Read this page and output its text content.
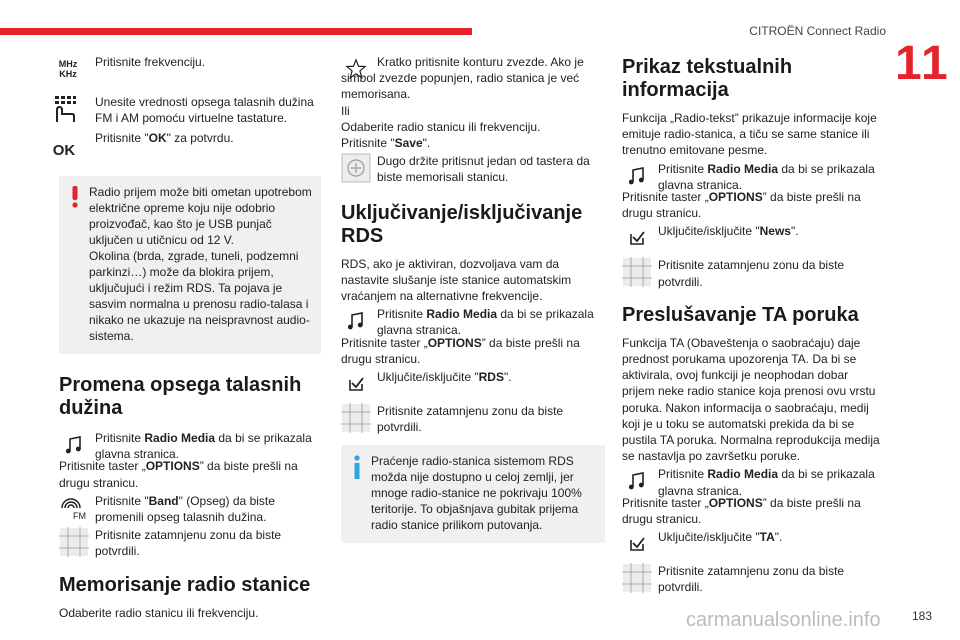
CITROËN Connect Radio
11
MHz
KHz

Pritisnite frekvenciju.

Unesite vrednosti opsega talasnih dužina FM i AM pomoću virtuelne tastature.

OK

Pritisnite "OK" za potvrdu.

Radio prijem može biti ometan upotrebom električne opreme koju nije odobrio proizvođač, kao što je USB punjač uključen u utičnicu od 12 V.
Okolina (brda, zgrade, tuneli, podzemni parkinzi…) može da blokira prijem, uključujući i režim RDS. Ta pojava je sasvim normalna u prenosu radio-talasa i nikako ne ukazuje na neispravnost audio-sistema.

Promena opsega talasnih dužina

Pritisnite Radio Media da bi se prikazala glavna stranica.

Pritisnite taster „OPTIONS” da biste prešli na drugu stranicu.

FM

Pritisnite "Band" (Opseg) da biste promenili opseg talasnih dužina.

Pritisnite zatamnjenu zonu da biste potvrdili.

Memorisanje radio stanice

Odaberite radio stanicu ili frekvenciju.

Kratko pritisnite konturu zvezde. Ako je simbol zvezde popunjen, radio stanica je već memorisana.

Ili

Odaberite radio stanicu ili frekvenciju.

Pritisnite "Save".

Dugo držite pritisnut jedan od tastera da biste memorisali stanicu.

Uključivanje/isključivanje RDS

RDS, ako je aktiviran, dozvoljava vam da nastavite slušanje iste stanice automatskim vraćanjem na alternativne frekvencije.

Pritisnite Radio Media da bi se prikazala glavna stranica.

Pritisnite taster „OPTIONS” da biste prešli na drugu stranicu.

Uključite/isključite "RDS".

Pritisnite zatamnjenu zonu da biste potvrdili.

Praćenje radio-stanica sistemom RDS možda nije dostupno u celoj zemlji, jer mnoge radio-stanice ne pokrivaju 100% teritorije. To objašnjava gubitak prijema radio stanice prilikom putovanja.

Prikaz tekstualnih informacija

Funkcija „Radio-tekst” prikazuje informacije koje emituje radio-stanica, a tiču se same stanice ili trenutno emitovane pesme.

Pritisnite Radio Media da bi se prikazala glavna stranica.

Pritisnite taster „OPTIONS” da biste prešli na drugu stranicu.

Uključite/isključite "News".

Pritisnite zatamnjenu zonu da biste potvrdili.

Preslušavanje TA poruka

Funkcija TA (Obaveštenja o saobraćaju) daje prednost porukama upozorenja TA. Da bi se aktivirala, ovoj funkciji je neophodan dobar prijem neke radio stanice koja prenosi ovu vrstu poruka. Nakon informacija o saobraćaju, medij koji je u toku se automatski prekida da bi se pustila TA poruka. Normalna reprodukcija medija se nastavlja po završetku poruke.

Pritisnite Radio Media da bi se prikazala glavna stranica.

Pritisnite taster „OPTIONS” da biste prešli na drugu stranicu.

Uključite/isključite "TA".

Pritisnite zatamnjenu zonu da biste potvrdili.

carmanualsonline.info	183
